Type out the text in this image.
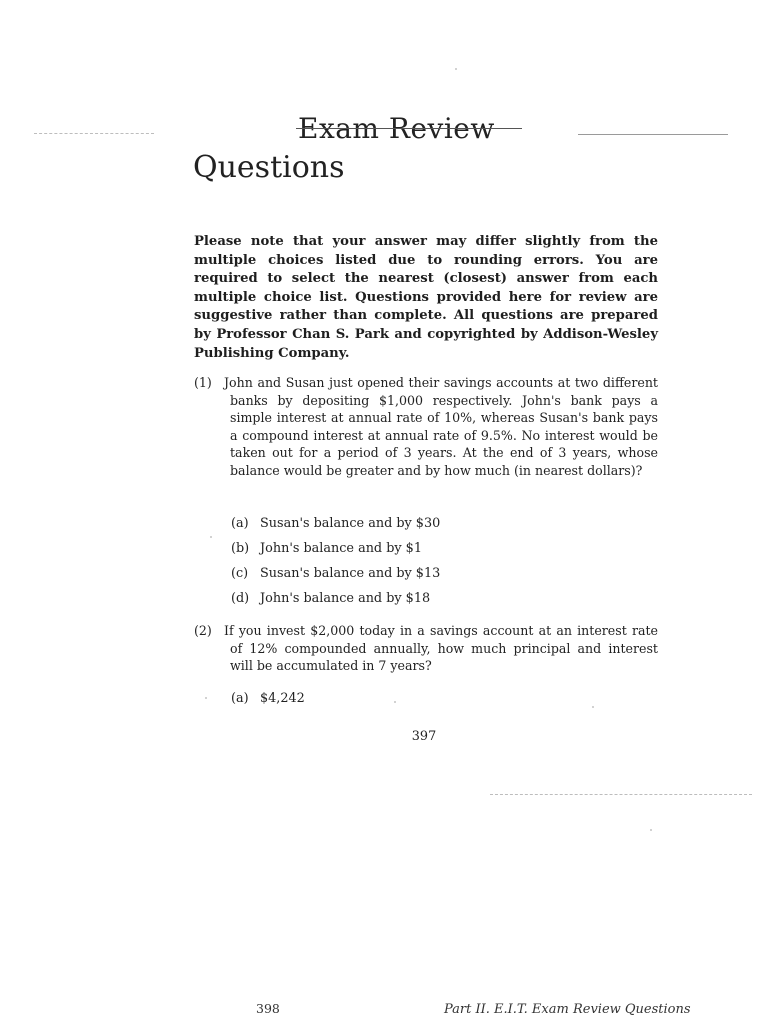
Exam Review
Questions

Please note that your answer may differ slightly from the multiple choices listed due to rounding errors. You are required to select the nearest (closest) answer from each multiple choice list. Questions provided here for review are suggestive rather than complete. All questions are prepared by Professor Chan S. Park and copyrighted by Addison-Wesley Publishing Company.

(1) John and Susan just opened their savings accounts at two different banks by depositing $1,000 respectively. John's bank pays a simple interest at annual rate of 10%, whereas Susan's bank pays a compound interest at annual rate of 9.5%. No interest would be taken out for a period of 3 years. At the end of 3 years, whose balance would be greater and by how much (in nearest dollars)?
(a) Susan's balance and by $30
(b) John's balance and by $1
(c) Susan's balance and by $13
(d) John's balance and by $18
(2) If you invest $2,000 today in a savings account at an interest rate of 12% compounded annually, how much principal and interest will be accumulated in 7 years?
(a) $4,242
397
398	Part II. E.I.T. Exam Review Questions
